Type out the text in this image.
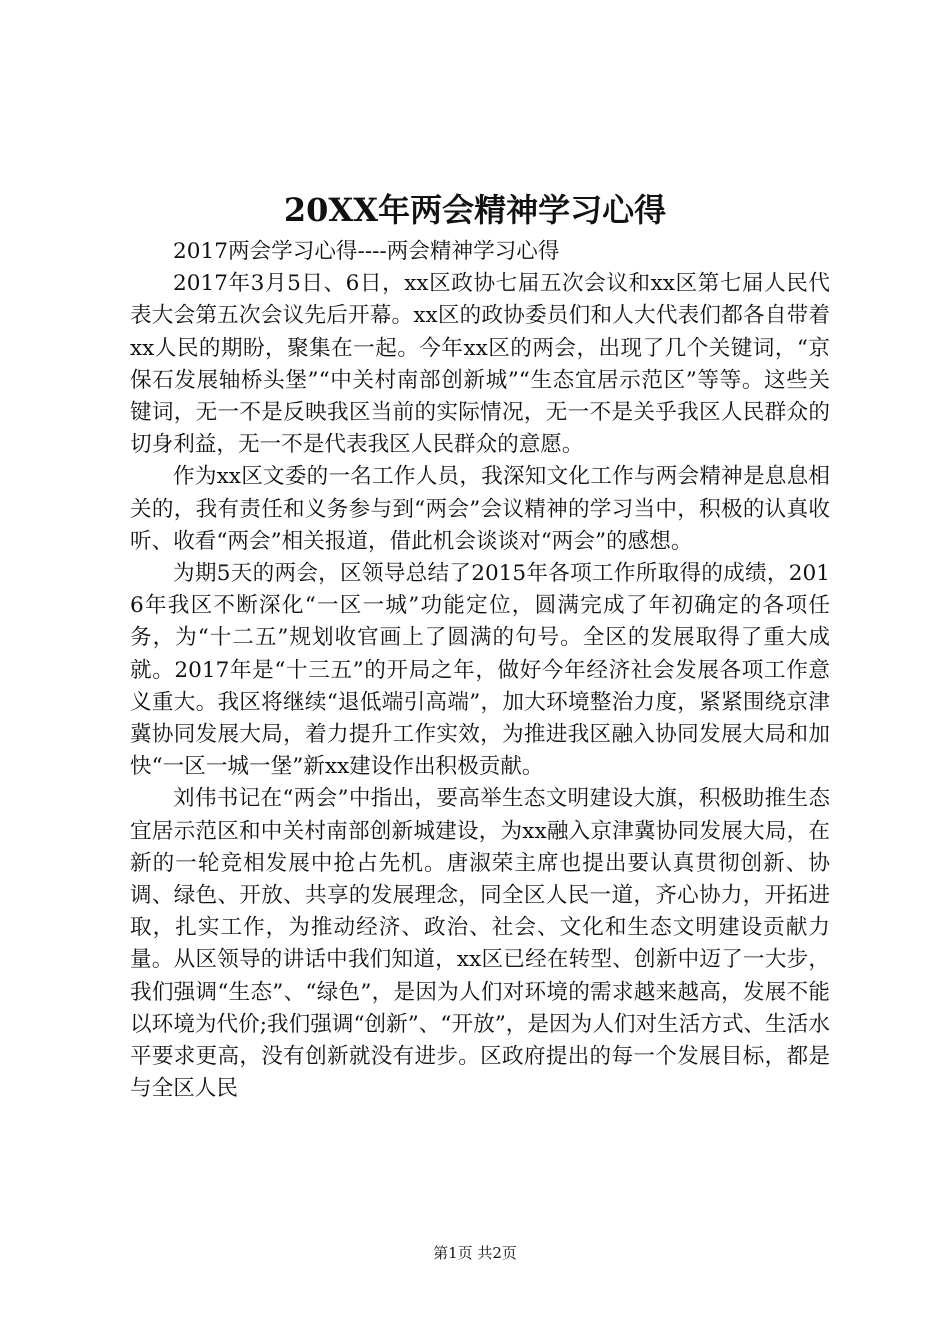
20XX年两会精神学习心得

2017两会学习心得----两会精神学习心得

2017年3月5日、6日，xx区政协七届五次会议和xx区第七届人民代表大会第五次会议先后开幕。xx区的政协委员们和人大代表们都各自带着xx人民的期盼，聚集在一起。今年xx区的两会，出现了几个关键词，“京保石发展轴桥头堡”“中关村南部创新城”“生态宜居示范区”等等。这些关键词，无一不是反映我区当前的实际情况，无一不是关乎我区人民群众的切身利益，无一不是代表我区人民群众的意愿。

作为xx区文委的一名工作人员，我深知文化工作与两会精神是息息相关的，我有责任和义务参与到“两会”会议精神的学习当中，积极的认真收听、收看“两会”相关报道，借此机会谈谈对“两会”的感想。

为期5天的两会，区领导总结了2015年各项工作所取得的成绩，2016年我区不断深化“一区一城”功能定位，圆满完成了年初确定的各项任务，为“十二五”规划收官画上了圆满的句号。全区的发展取得了重大成就。2017年是“十三五”的开局之年，做好今年经济社会发展各项工作意义重大。我区将继续“退低端引高端”，加大环境整治力度，紧紧围绕京津冀协同发展大局，着力提升工作实效，为推进我区融入协同发展大局和加快“一区一城一堡”新xx建设作出积极贡献。

刘伟书记在“两会”中指出，要高举生态文明建设大旗，积极助推生态宜居示范区和中关村南部创新城建设，为xx融入京津冀协同发展大局，在新的一轮竞相发展中抢占先机。唐淑荣主席也提出要认真贯彻创新、协调、绿色、开放、共享的发展理念，同全区人民一道，齐心协力，开拓进取，扎实工作，为推动经济、政治、社会、文化和生态文明建设贡献力量。从区领导的讲话中我们知道，xx区已经在转型、创新中迈了一大步，我们强调“生态”、“绿色”，是因为人们对环境的需求越来越高，发展不能以环境为代价;我们强调“创新”、“开放”，是因为人们对生活方式、生活水平要求更高，没有创新就没有进步。区政府提出的每一个发展目标，都是与全区人民

第1页 共2页
